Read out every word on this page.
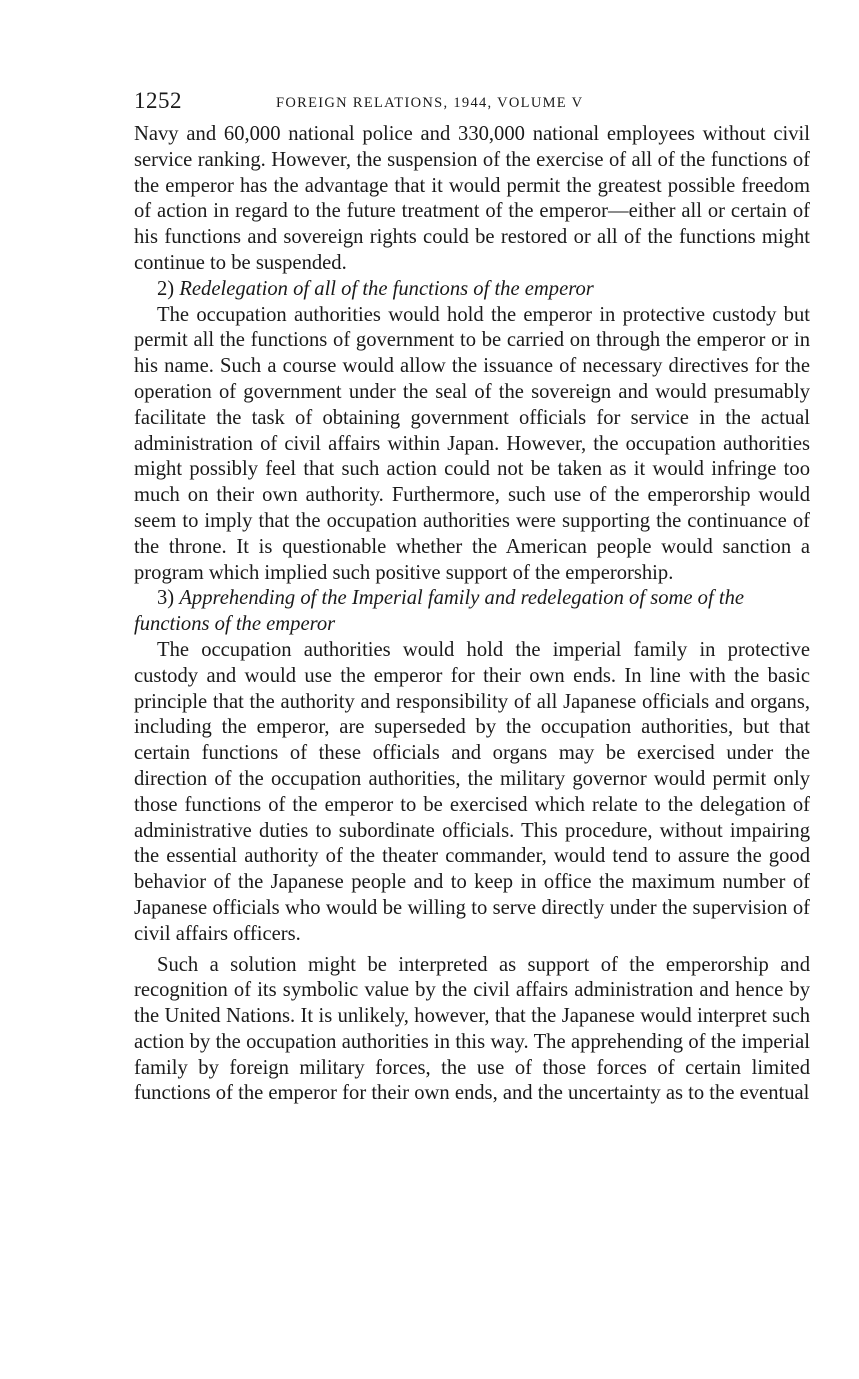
1252	FOREIGN RELATIONS, 1944, VOLUME V

Navy and 60,000 national police and 330,000 national employees without civil service ranking. However, the suspension of the exercise of all of the functions of the emperor has the advantage that it would permit the greatest possible freedom of action in regard to the future treatment of the emperor—either all or certain of his functions and sovereign rights could be restored or all of the functions might continue to be suspended.

2) Redelegation of all of the functions of the emperor

The occupation authorities would hold the emperor in protective custody but permit all the functions of government to be carried on through the emperor or in his name. Such a course would allow the issuance of necessary directives for the operation of government under the seal of the sovereign and would presumably facilitate the task of obtaining government officials for service in the actual administration of civil affairs within Japan. However, the occupation authorities might possibly feel that such action could not be taken as it would infringe too much on their own authority. Furthermore, such use of the emperorship would seem to imply that the occupation authorities were supporting the continuance of the throne. It is questionable whether the American people would sanction a program which implied such positive support of the emperorship.

3) Apprehending of the Imperial family and redelegation of some of the functions of the emperor

The occupation authorities would hold the imperial family in protective custody and would use the emperor for their own ends. In line with the basic principle that the authority and responsibility of all Japanese officials and organs, including the emperor, are superseded by the occupation authorities, but that certain functions of these officials and organs may be exercised under the direction of the occupation authorities, the military governor would permit only those functions of the emperor to be exercised which relate to the delegation of administrative duties to subordinate officials. This procedure, without impairing the essential authority of the theater commander, would tend to assure the good behavior of the Japanese people and to keep in office the maximum number of Japanese officials who would be willing to serve directly under the supervision of civil affairs officers.

Such a solution might be interpreted as support of the emperorship and recognition of its symbolic value by the civil affairs administration and hence by the United Nations. It is unlikely, however, that the Japanese would interpret such action by the occupation authorities in this way. The apprehending of the imperial family by foreign military forces, the use of those forces of certain limited functions of the emperor for their own ends, and the uncertainty as to the eventual
